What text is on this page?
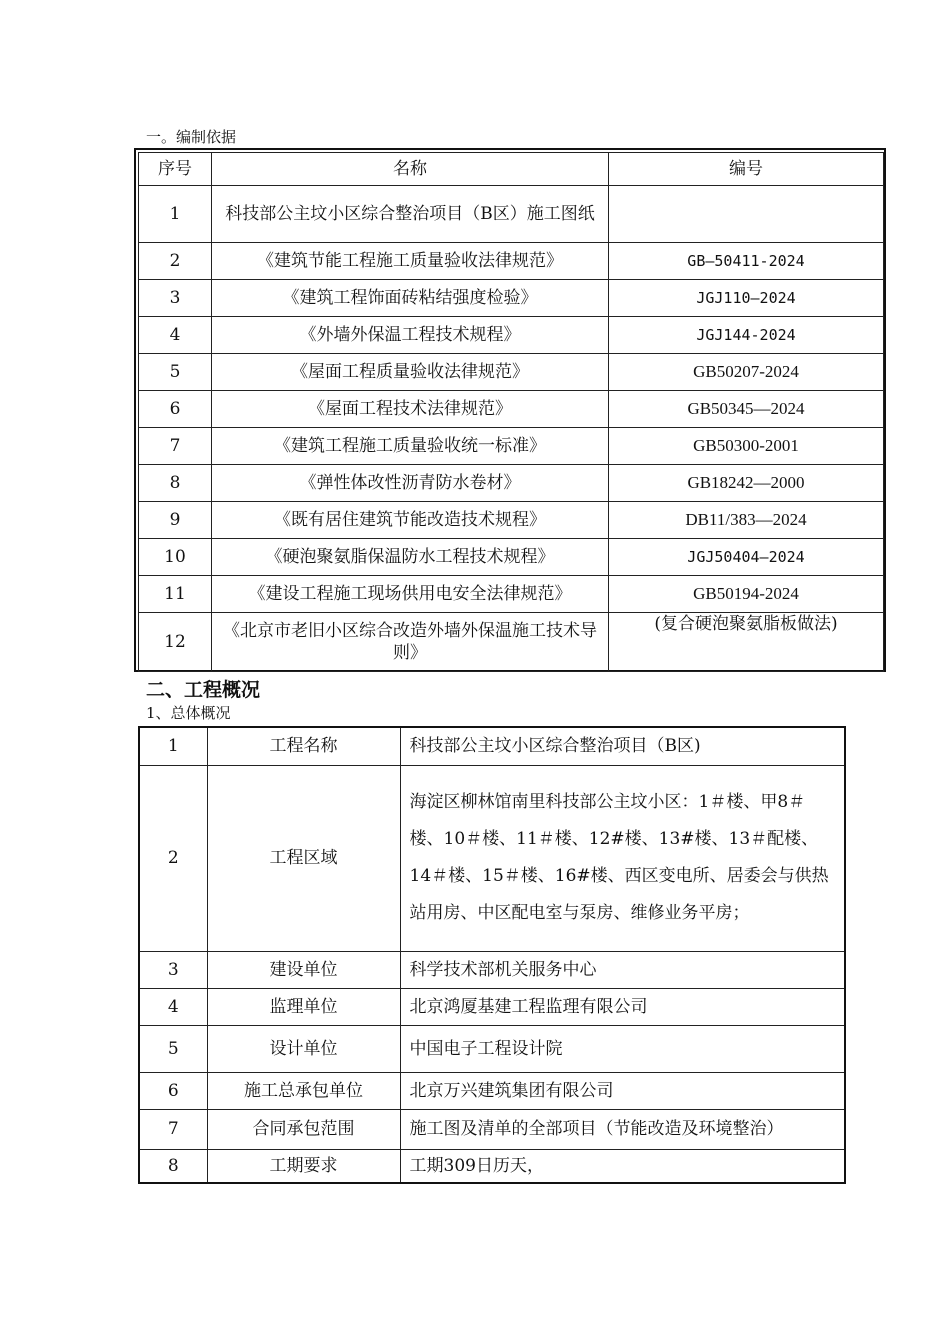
一。编制依据
序号	名称	编号
1	科技部公主坟小区综合整治项目（B区）施工图纸	
2	《建筑节能工程施工质量验收法律规范》	GB—50411-2024
3	《建筑工程饰面砖粘结强度检验》	JGJ110—2024
4	《外墙外保温工程技术规程》	JGJ144-2024
5	《屋面工程质量验收法律规范》	GB50207-2024
6	《屋面工程技术法律规范》	GB50345—2024
7	《建筑工程施工质量验收统一标准》	GB50300-2001
8	《弹性体改性沥青防水卷材》	GB18242—2000
9	《既有居住建筑节能改造技术规程》	DB11/383—2024
10	《硬泡聚氨脂保温防水工程技术规程》	JGJ50404—2024
11	《建设工程施工现场供用电安全法律规范》	GB50194-2024
12	《北京市老旧小区综合改造外墙外保温施工技术导则》	(复合硬泡聚氨脂板做法)
二、工程概况
1、总体概况
1	工程名称	科技部公主坟小区综合整治项目（B区)
2	工程区域	海淀区柳林馆南里科技部公主坟小区：1＃楼、甲8＃楼、10＃楼、11＃楼、12#楼、13#楼、13＃配楼、14＃楼、15＃楼、16#楼、西区变电所、居委会与供热站用房、中区配电室与泵房、维修业务平房；
3	建设单位	科学技术部机关服务中心
4	监理单位	北京鸿厦基建工程监理有限公司
5	设计单位	中国电子工程设计院
6	施工总承包单位	北京万兴建筑集团有限公司
7	合同承包范围	施工图及清单的全部项目（节能改造及环境整治）
8	工期要求	工期309日历天，
